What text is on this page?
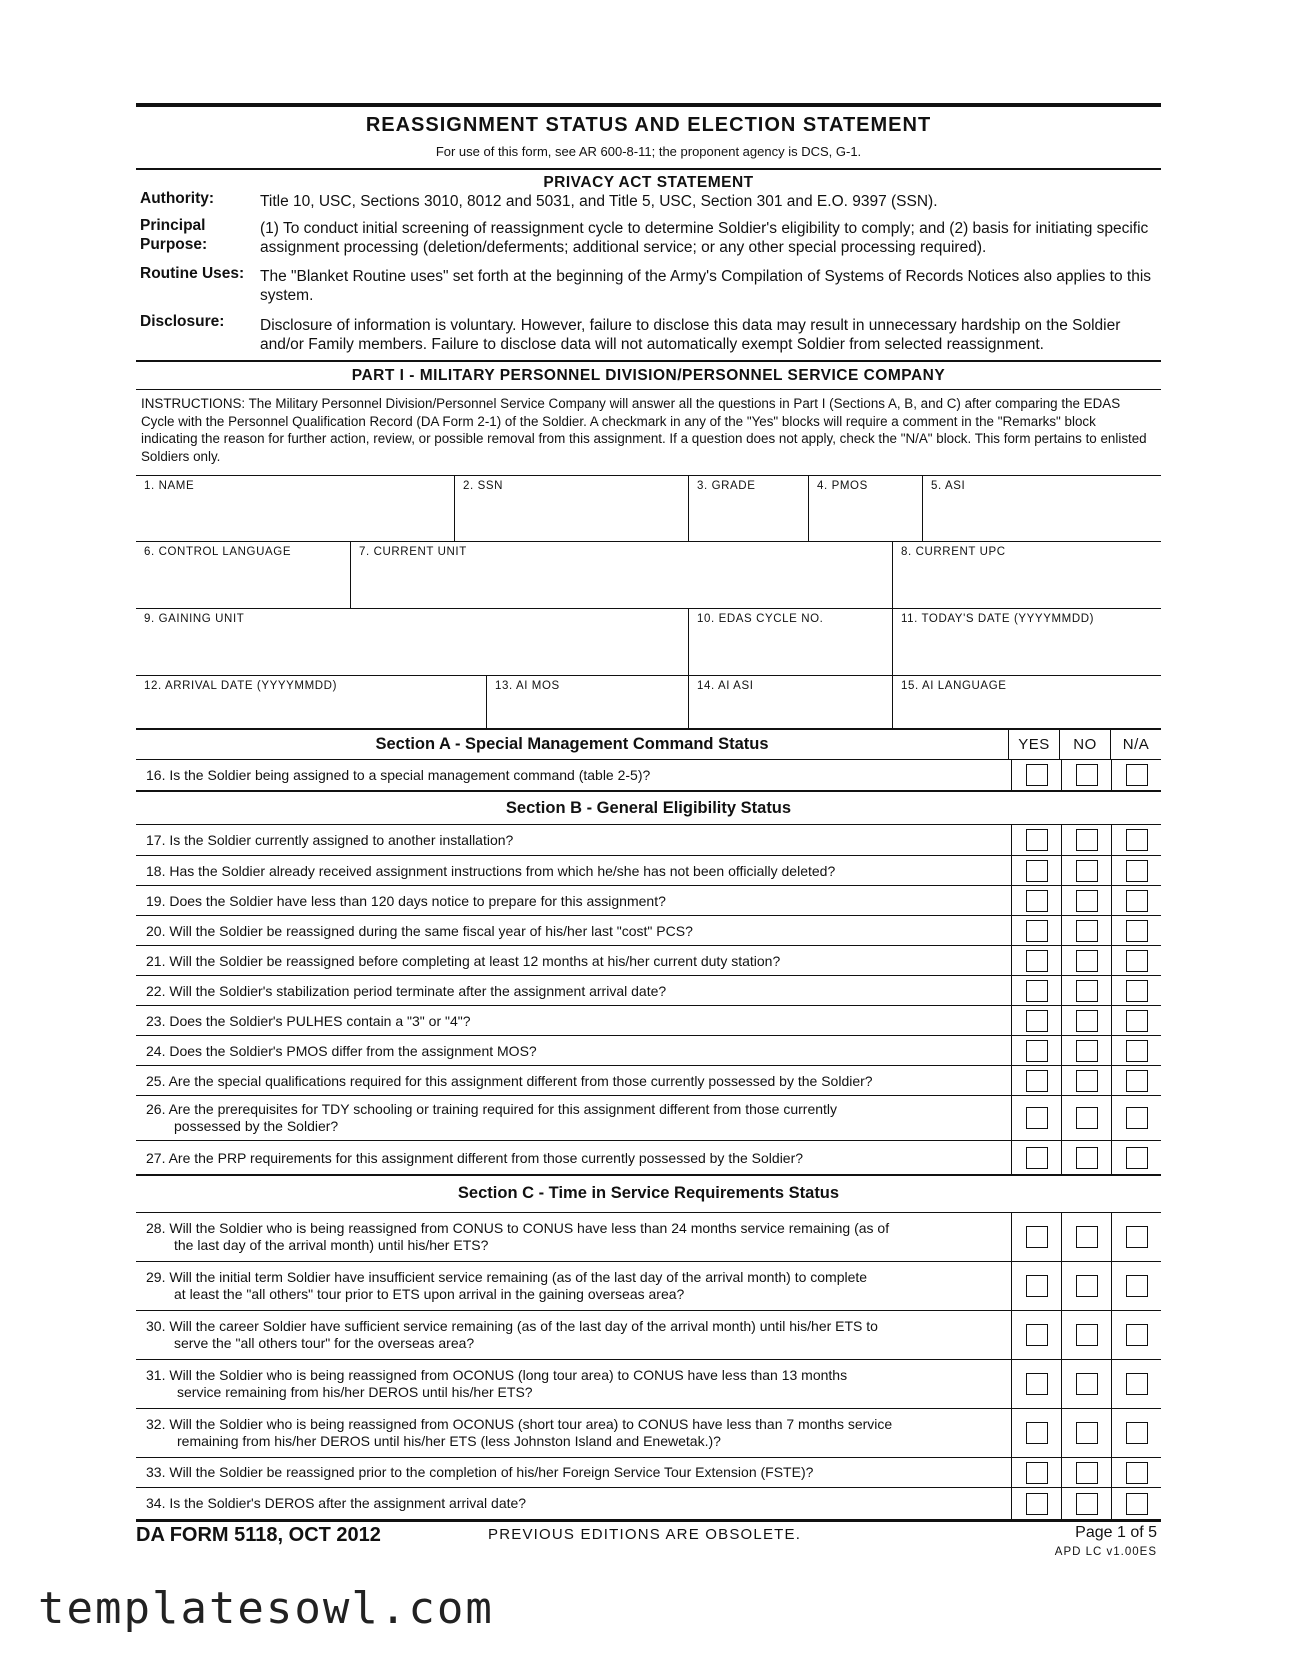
REASSIGNMENT STATUS AND ELECTION STATEMENT
For use of this form, see AR 600-8-11; the proponent agency is DCS, G-1.
PRIVACY ACT STATEMENT
Authority:	Title 10, USC, Sections 3010, 8012 and 5031, and Title 5, USC, Section 301 and E.O. 9397 (SSN).
Principal
Purpose:
(1) To conduct initial screening of reassignment cycle to determine Soldier's eligibility to comply; and (2) basis for initiating specific assignment processing (deletion/deferments; additional service; or any other special processing required).
Routine Uses:	The "Blanket Routine uses" set forth at the beginning of the Army's Compilation of Systems of Records Notices also applies to this system.
Disclosure:	Disclosure of information is voluntary. However, failure to disclose this data may result in unnecessary hardship on the Soldier and/or Family members. Failure to disclose data will not automatically exempt Soldier from selected reassignment.
PART I - MILITARY PERSONNEL DIVISION/PERSONNEL SERVICE COMPANY
INSTRUCTIONS: The Military Personnel Division/Personnel Service Company will answer all the questions in Part I (Sections A, B, and C) after comparing the EDAS Cycle with the Personnel Qualification Record (DA Form 2-1) of the Soldier. A checkmark in any of the "Yes" blocks will require a comment in the "Remarks" block indicating the reason for further action, review, or possible removal from this assignment. If a question does not apply, check the "N/A" block. This form pertains to enlisted Soldiers only.
1. NAME	2. SSN	3. GRADE	4. PMOS	5. ASI
6. CONTROL LANGUAGE	7. CURRENT UNIT	8. CURRENT UPC
9. GAINING UNIT	10. EDAS CYCLE NO.	11. TODAY'S DATE (YYYYMMDD)
12. ARRIVAL DATE (YYYYMMDD)	13. AI MOS	14. AI ASI	15. AI LANGUAGE
Section A - Special Management Command Status	YES	NO	N/A
16. Is the Soldier being assigned to a special management command (table 2-5)?
Section B - General Eligibility Status
17. Is the Soldier currently assigned to another installation?
18. Has the Soldier already received assignment instructions from which he/she has not been officially deleted?
19. Does the Soldier have less than 120 days notice to prepare for this assignment?
20. Will the Soldier be reassigned during the same fiscal year of his/her last "cost" PCS?
21. Will the Soldier be reassigned before completing at least 12 months at his/her current duty station?
22. Will the Soldier's stabilization period terminate after the assignment arrival date?
23. Does the Soldier's PULHES contain a "3" or "4"?
24. Does the Soldier's PMOS differ from the assignment MOS?
25. Are the special qualifications required for this assignment different from those currently possessed by the Soldier?
26. Are the prerequisites for TDY schooling or training required for this assignment different from those currently
possessed by the Soldier?
27. Are the PRP requirements for this assignment different from those currently possessed by the Soldier?
Section C - Time in Service Requirements Status
28. Will the Soldier who is being reassigned from CONUS to CONUS have less than 24 months service remaining (as of
the last day of the arrival month) until his/her ETS?
29. Will the initial term Soldier have insufficient service remaining (as of the last day of the arrival month) to complete
at least the "all others" tour prior to ETS upon arrival in the gaining overseas area?
30. Will the career Soldier have sufficient service remaining (as of the last day of the arrival month) until his/her ETS to
serve the "all others tour" for the overseas area?
31. Will the Soldier who is being reassigned from OCONUS (long tour area) to CONUS have less than 13 months
service remaining from his/her DEROS until his/her ETS?
32. Will the Soldier who is being reassigned from OCONUS (short tour area) to CONUS have less than 7 months service
remaining from his/her DEROS until his/her ETS (less Johnston Island and Enewetak.)?
33. Will the Soldier be reassigned prior to the completion of his/her Foreign Service Tour Extension (FSTE)?
34. Is the Soldier's DEROS after the assignment arrival date?
DA FORM 5118, OCT 2012	PREVIOUS EDITIONS ARE OBSOLETE.	Page 1 of 5
APD LC v1.00ES
templatesowl.com
